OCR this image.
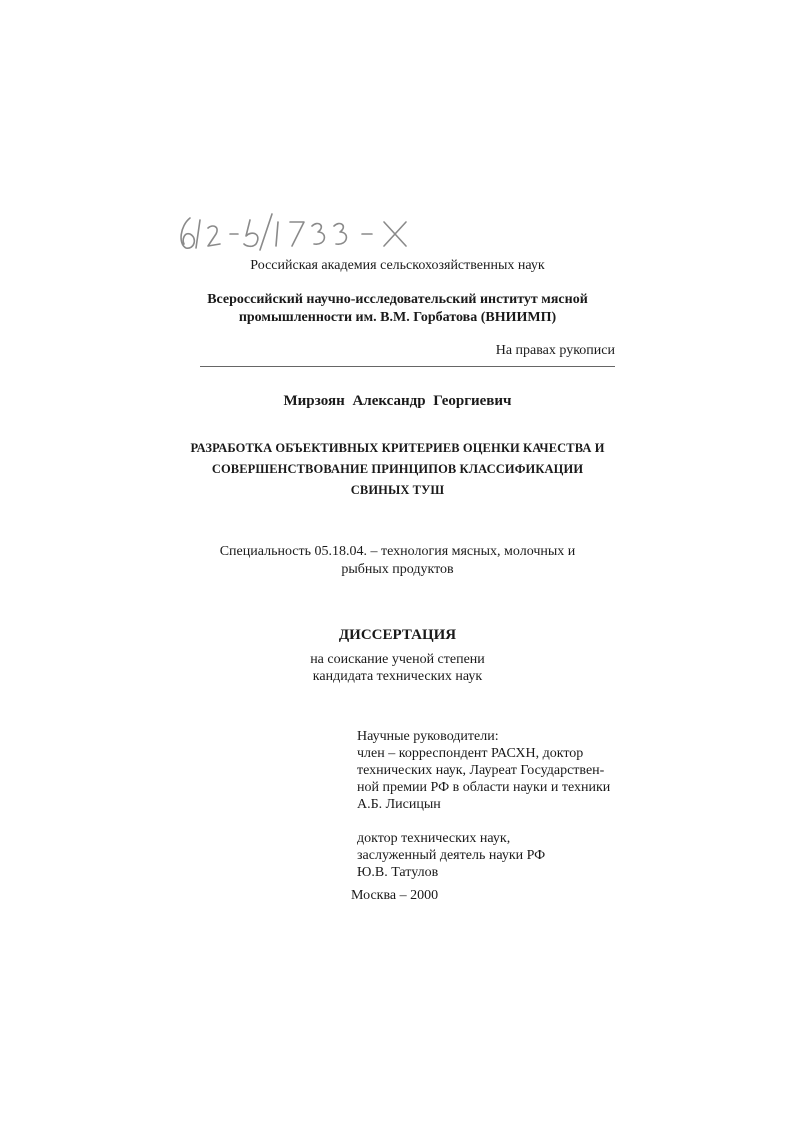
Российская академия сельскохозяйственных наук

Всероссийский научно-исследовательский институт мясной
промышленности им. В.М. Горбатова (ВНИИМП)

На правах рукописи

Мирзоян Александр Георгиевич

РАЗРАБОТКА ОБЪЕКТИВНЫХ КРИТЕРИЕВ ОЦЕНКИ КАЧЕСТВА И
СОВЕРШЕНСТВОВАНИЕ ПРИНЦИПОВ КЛАССИФИКАЦИИ
СВИНЫХ ТУШ

Специальность 05.18.04. – технология мясных, молочных и
рыбных продуктов

ДИССЕРТАЦИЯ

на соискание ученой степени
кандидата технических наук

Научные руководители:
член – корреспондент РАСХН, доктор
технических наук, Лауреат Государствен-
ной премии РФ в области науки и техники
А.Б. Лисицын
доктор технических наук,
заслуженный деятель науки РФ
Ю.В. Татулов
Москва – 2000
